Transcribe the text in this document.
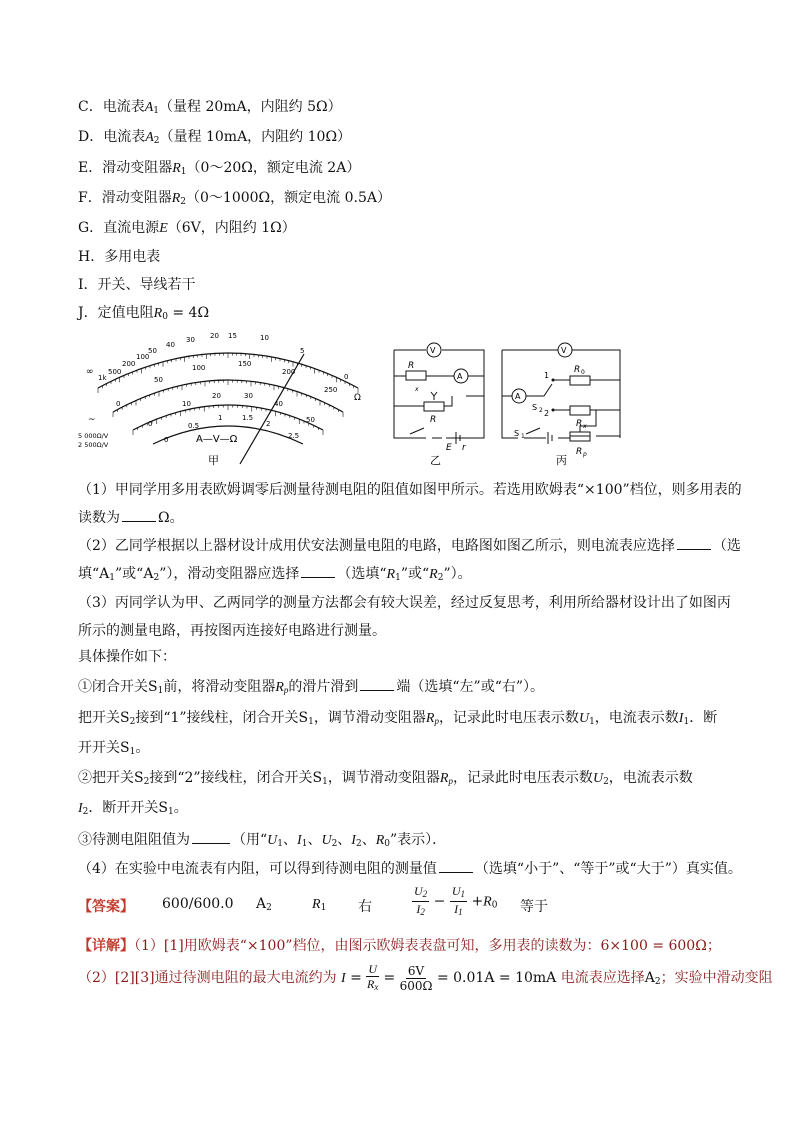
C．电流表$A_1$（量程 20mA，内阻约 5Ω）
D．电流表$A_2$（量程 10mA，内阻约 10Ω）
E．滑动变阻器$R_1(0\sim 20\Omega$，额定电流 2A）
F．滑动变阻器$R_2(0\sim 1000\Omega$，额定电流 0.5A）
G．直流电源E（6V，内阻约 1Ω）
H．多用电表
I．开关、导线若干
J．定值电阻$R_0 = 4\Omega$
∞
1k
500
200
100
50
40
30 20 15	10
5
0
Ω
0
50
100	150
200
250
0
10
20	30
40
50
0
0.5
1	1.5
2
2.5
A—V—Ω
5 000Ω/V
2 500Ω/V
~
甲
V
A
R
x
R
E r
乙
V
A
1
2
S 2
S 1
R 0
R x
R p
丙
（1）甲同学用多用表欧姆调零后测量待测电阻的阻值如图甲所示。若选用欧姆表“×100”档位，则多用表的
读数为	Ω。
（2）乙同学根据以上器材设计成用伏安法测量电阻的电路，电路图如图乙所示，则电流表应选择	（选
填“$A_1$”或“$A_2$”），滑动变阻器应选择	（选填“$R_1$”或“$R_2$”）。
（3）丙同学认为甲、乙两同学的测量方法都会有较大误差，经过反复思考，利用所给器材设计出了如图丙
所示的测量电路，再按图丙连接好电路进行测量。
具体操作如下：
①闭合开关$S_1$前，将滑动变阻器$R_p$的滑片滑到	端（选填“左”或“右”）。
把开关$S_2$接到“1”接线柱，闭合开关$S_1$，调节滑动变阻器$R_p$，记录此时电压表示数$U_1$，电流表示数$I_1$．断
开开关$S_1$。
②把开关$S_2$接到“2”接线柱，闭合开关$S_1$，调节滑动变阻器$R_p$，记录此时电压表示数$U_2$，电流表示数
$I_2$．断开开关$S_1$。
③待测电阻阻值为	（用“$U_1$、$I_1$、$U_2$、$I_2$、$R_0$”表示）．
（4）在实验中电流表有内阻，可以得到待测电阻的测量值	（选填“小于”、“等于”或“大于”）真实值。
【答案】 600/600.0 $A_2$	$R_1$ 右	$\frac{U_2}{I_2} - \frac{U_1}{I_1} +R_0$ 等于
【详解】（1）[1]用欧姆表“×100”档位，由图示欧姆表表盘可知，多用表的读数为：6×100 = 600Ω；
（2）[2][3]通过待测电阻的最大电流约为 $I = \frac{U}{R_x} = \frac{6V}{600\Omega} = 0.01A = 10mA$ 电流表应选择$A_2$；实验中滑动变阻
